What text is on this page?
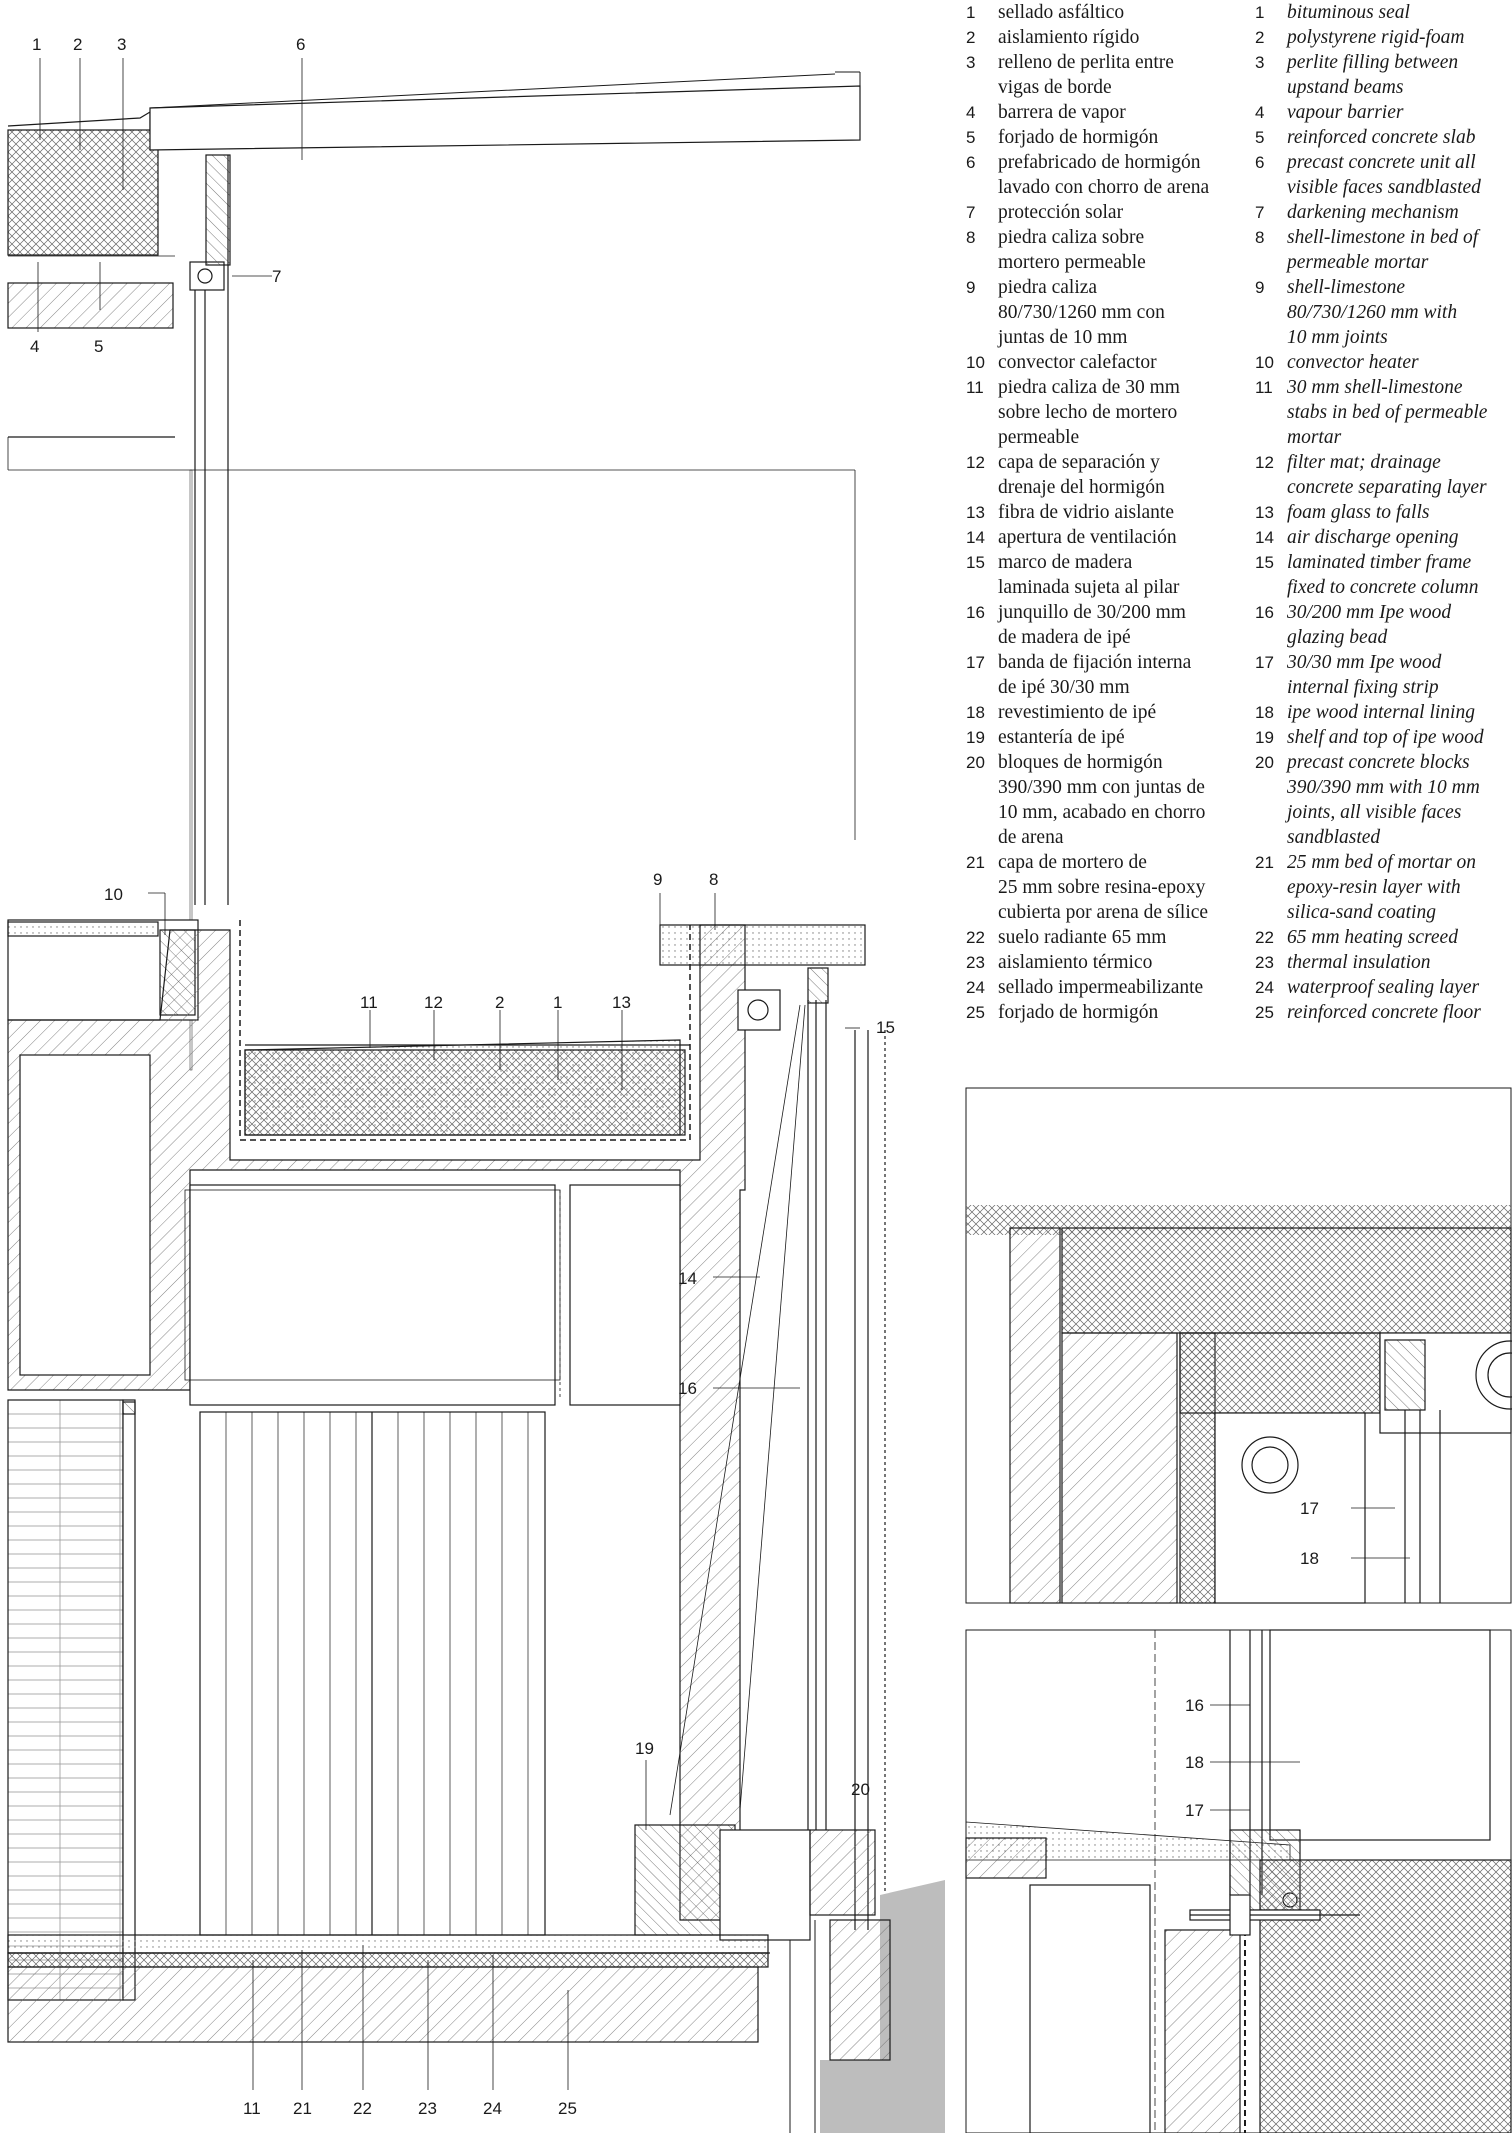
1 2 3	6
7
4	5
10
9	8
11	12	2	1	13
15
14
16
19
20
11 21 22	23	24	25
17
18
16
18
17
1	sellado asfáltico
2	aislamiento rígido
3	relleno de perlita entre
vigas de borde
4	barrera de vapor
5	forjado de hormigón
6	prefabricado de hormigón
lavado con chorro de arena
7	protección solar
8	piedra caliza sobre
mortero permeable
9	piedra caliza
80/730/1260 mm con
juntas de 10 mm
10 convector calefactor
11 piedra caliza de 30 mm
sobre lecho de mortero
permeable
12 capa de separación y
drenaje del hormigón
13 fibra de vidrio aislante
14 apertura de ventilación
15 marco de madera
laminada sujeta al pilar
16 junquillo de 30/200 mm
de madera de ipé
17 banda de fijación interna
de ipé 30/30 mm
18 revestimiento de ipé
19 estantería de ipé
20 bloques de hormigón
390/390 mm con juntas de
10 mm, acabado en chorro
de arena
21 capa de mortero de
25 mm sobre resina-epoxy
cubierta por arena de sílice
22 suelo radiante 65 mm
23 aislamiento térmico
24 sellado impermeabilizante
25 forjado de hormigón
1	bituminous seal
2	polystyrene rigid-foam
3	perlite filling between
upstand beams
4	vapour barrier
5	reinforced concrete slab
6	precast concrete unit all
visible faces sandblasted
7	darkening mechanism
8	shell-limestone in bed of
permeable mortar
9	shell-limestone
80/730/1260 mm with
10 mm joints
10 convector heater
11 30 mm shell-limestone
stabs in bed of permeable
mortar
12 filter mat; drainage
concrete separating layer
13 foam glass to falls
14 air discharge opening
15 laminated timber frame
fixed to concrete column
16 30/200 mm Ipe wood
glazing bead
17 30/30 mm Ipe wood
internal fixing strip
18 ipe wood internal lining
19 shelf and top of ipe wood
20 precast concrete blocks
390/390 mm with 10 mm
joints, all visible faces
sandblasted
21 25 mm bed of mortar on
epoxy-resin layer with
silica-sand coating
22 65 mm heating screed
23 thermal insulation
24 waterproof sealing layer
25 reinforced concrete floor
